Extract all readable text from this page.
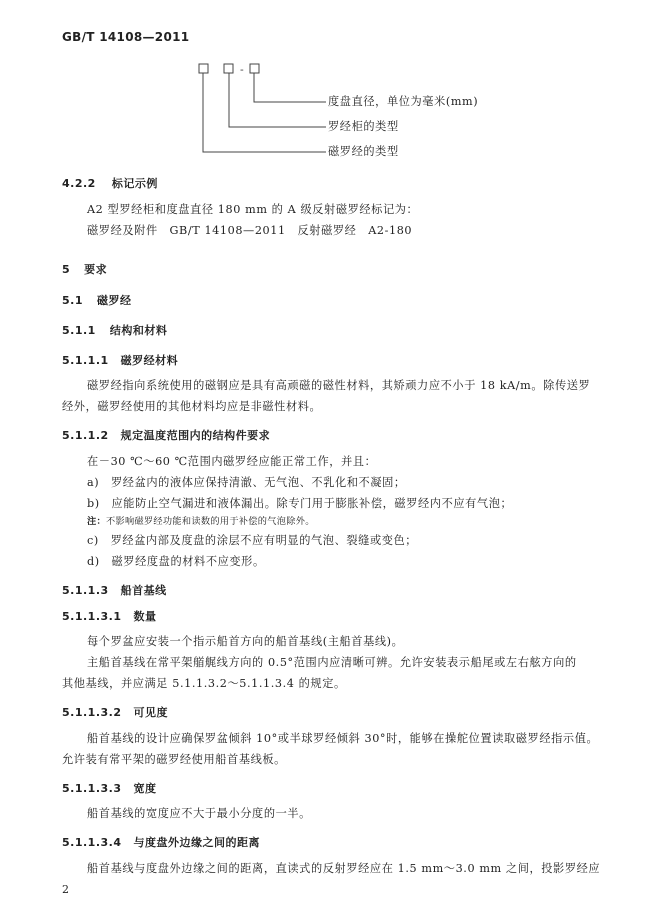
GB/T 14108—2011
-
度盘直径，单位为毫米(mm)
罗经柜的类型
磁罗经的类型
4.2.2 标记示例
A2 型罗经柜和度盘直径 180 mm 的 A 级反射磁罗经标记为：
磁罗经及附件　GB/T 14108—2011　反射磁罗经　A2-180
5 要求
5.1 磁罗经
5.1.1 结构和材料
5.1.1.1 磁罗经材料
磁罗经指向系统使用的磁钢应是具有高顽磁的磁性材料，其矫顽力应不小于 18 kA/m。除传送罗
经外，磁罗经使用的其他材料均应是非磁性材料。
5.1.1.2 规定温度范围内的结构件要求
在－30 ℃～60 ℃范围内磁罗经应能正常工作，并且：
a)　罗经盆内的液体应保持清澈、无气泡、不乳化和不凝固；
b)　应能防止空气漏进和液体漏出。除专门用于膨胀补偿，磁罗经内不应有气泡；
注：不影响磁罗经功能和读数的用于补偿的气泡除外。
c)　罗经盆内部及度盘的涂层不应有明显的气泡、裂缝或变色；
d)　磁罗经度盘的材料不应变形。
5.1.1.3 船首基线
5.1.1.3.1 数量
每个罗盆应安装一个指示船首方向的船首基线(主船首基线)。
主船首基线在常平架艏艉线方向的 0.5°范围内应清晰可辨。允许安装表示船尾或左右舷方向的
其他基线，并应满足 5.1.1.3.2～5.1.1.3.4 的规定。
5.1.1.3.2 可见度
船首基线的设计应确保罗盆倾斜 10°或半球罗经倾斜 30°时，能够在操舵位置读取磁罗经指示值。
允许装有常平架的磁罗经使用船首基线板。
5.1.1.3.3 宽度
船首基线的宽度应不大于最小分度的一半。
5.1.1.3.4 与度盘外边缘之间的距离
船首基线与度盘外边缘之间的距离，直读式的反射罗经应在 1.5 mm～3.0 mm 之间，投影罗经应
2
